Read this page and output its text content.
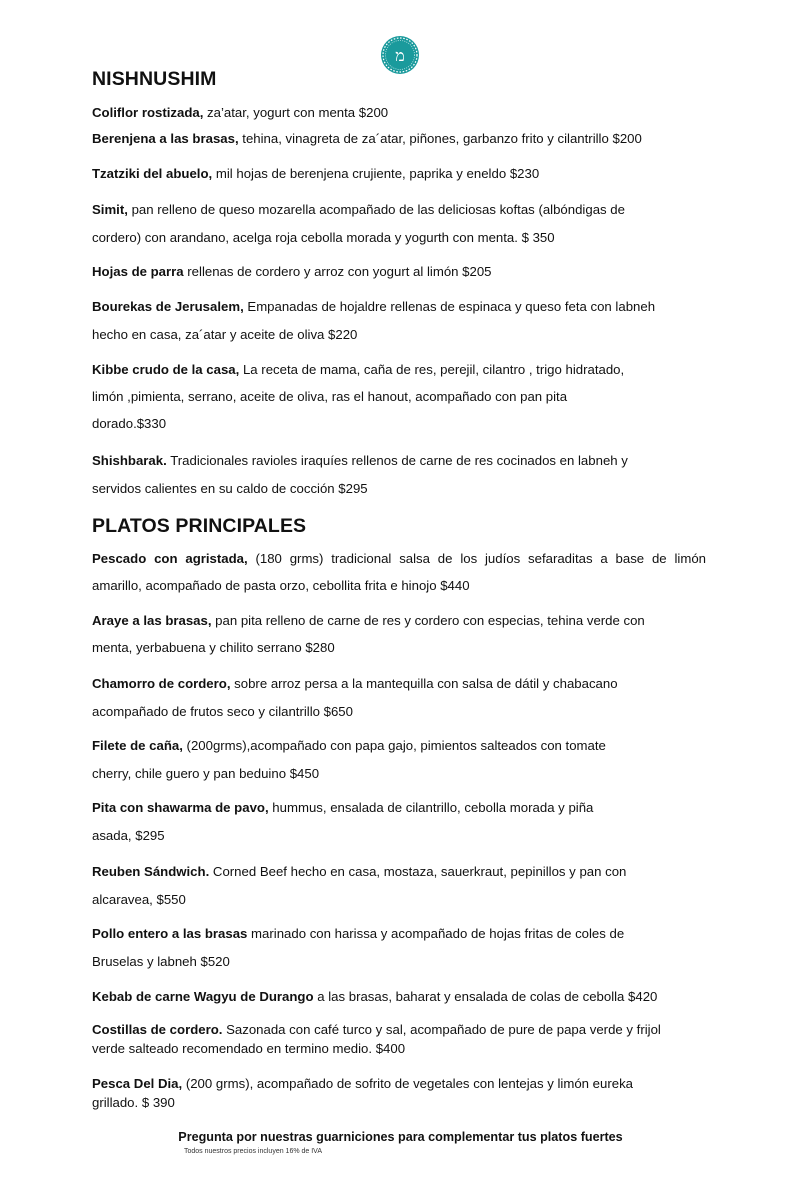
מ
NISHNUSHIM
Coliflor rostizada, za’atar, yogurt con menta $200
Berenjena a las brasas, tehina, vinagreta de za´atar, piñones, garbanzo frito y cilantrillo $200
Tzatziki del abuelo, mil hojas de berenjena crujiente, paprika y eneldo $230
Simit, pan relleno de queso mozarella acompañado de las deliciosas koftas (albóndigas de
cordero) con arandano, acelga roja cebolla morada y yogurth con menta. $ 350
Hojas de parra rellenas de cordero y arroz con yogurt al limón $205
Bourekas de Jerusalem, Empanadas de hojaldre rellenas de espinaca y queso feta con labneh
hecho en casa, za´atar y aceite de oliva $220
Kibbe crudo de la casa, La receta de mama, caña de res, perejil, cilantro , trigo hidratado,
limón ,pimienta, serrano, aceite de oliva, ras el hanout, acompañado con pan pita
dorado.$330
Shishbarak. Tradicionales ravioles iraquíes rellenos de carne de res cocinados en labneh y
servidos calientes en su caldo de cocción $295
PLATOS PRINCIPALES
Pescado con agristada, (180 grms) tradicional salsa de los judíos sefaraditas a base de limón
amarillo, acompañado de pasta orzo, cebollita frita e hinojo $440
Araye a las brasas, pan pita relleno de carne de res y cordero con especias, tehina verde con
menta, yerbabuena y chilito serrano $280
Chamorro de cordero, sobre arroz persa a la mantequilla con salsa de dátil y chabacano
acompañado de frutos seco y cilantrillo $650
Filete de caña, (200grms),acompañado con papa gajo, pimientos salteados con tomate
cherry, chile guero y pan beduino $450
Pita con shawarma de pavo, hummus, ensalada de cilantrillo, cebolla morada y piña
asada, $295
Reuben Sándwich. Corned Beef hecho en casa, mostaza, sauerkraut, pepinillos y pan con
alcaravea, $550
Pollo entero a las brasas marinado con harissa y acompañado de hojas fritas de coles de
Bruselas y labneh $520
Kebab de carne Wagyu de Durango a las brasas, baharat y ensalada de colas de cebolla $420
Costillas de cordero. Sazonada con café turco y sal, acompañado de pure de papa verde y frijol
verde salteado recomendado en termino medio. $400
Pesca Del Dia, (200 grms), acompañado de sofrito de vegetales con lentejas y limón eureka
grillado. $ 390
Pregunta por nuestras guarniciones para complementar tus platos fuertes
Todos nuestros precios incluyen 16% de IVA
